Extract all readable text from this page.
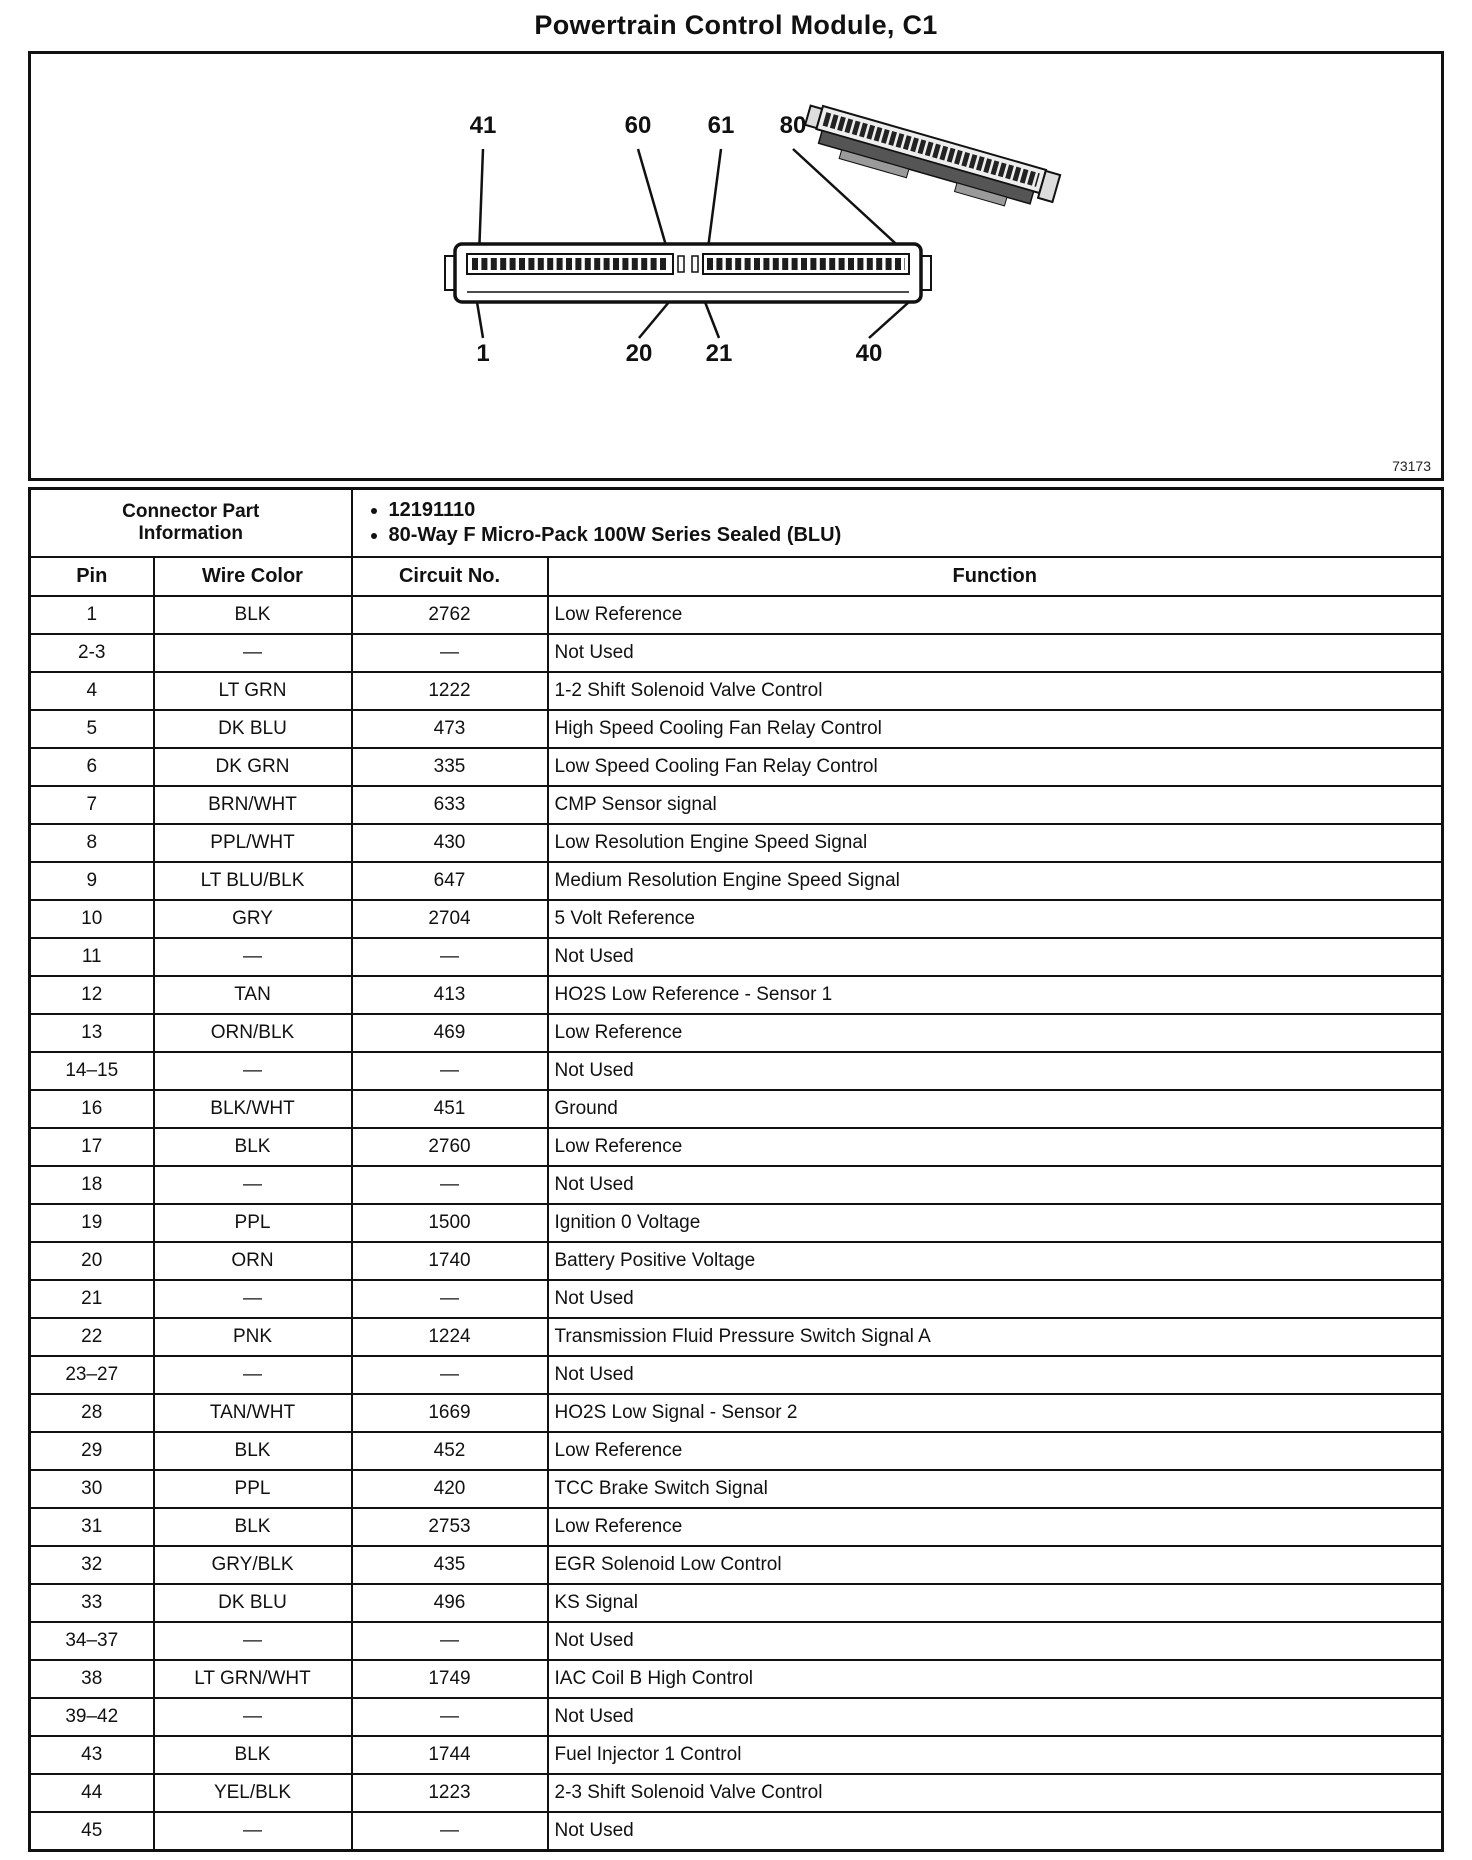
Powertrain Control Module, C1
41	60	61	80
1	20	21	40
73173
Connector Part
Information

• 12191110
• 80-Way F Micro-Pack 100W Series Sealed (BLU)

Pin	Wire Color	Circuit No.	Function
1	BLK	2762	Low Reference
2-3	—	—	Not Used
4	LT GRN	1222	1-2 Shift Solenoid Valve Control
5	DK BLU	473	High Speed Cooling Fan Relay Control
6	DK GRN	335	Low Speed Cooling Fan Relay Control
7	BRN/WHT	633	CMP Sensor signal
8	PPL/WHT	430	Low Resolution Engine Speed Signal
9	LT BLU/BLK	647	Medium Resolution Engine Speed Signal
10	GRY	2704	5 Volt Reference
11	—	—	Not Used
12	TAN	413	HO2S Low Reference - Sensor 1
13	ORN/BLK	469	Low Reference
14–15	—	—	Not Used
16	BLK/WHT	451	Ground
17	BLK	2760	Low Reference
18	—	—	Not Used
19	PPL	1500	Ignition 0 Voltage
20	ORN	1740	Battery Positive Voltage
21	—	—	Not Used
22	PNK	1224	Transmission Fluid Pressure Switch Signal A
23–27	—	—	Not Used
28	TAN/WHT	1669	HO2S Low Signal - Sensor 2
29	BLK	452	Low Reference
30	PPL	420	TCC Brake Switch Signal
31	BLK	2753	Low Reference
32	GRY/BLK	435	EGR Solenoid Low Control
33	DK BLU	496	KS Signal
34–37	—	—	Not Used
38	LT GRN/WHT	1749	IAC Coil B High Control
39–42	—	—	Not Used
43	BLK	1744	Fuel Injector 1 Control
44	YEL/BLK	1223	2-3 Shift Solenoid Valve Control
45	—	—	Not Used
